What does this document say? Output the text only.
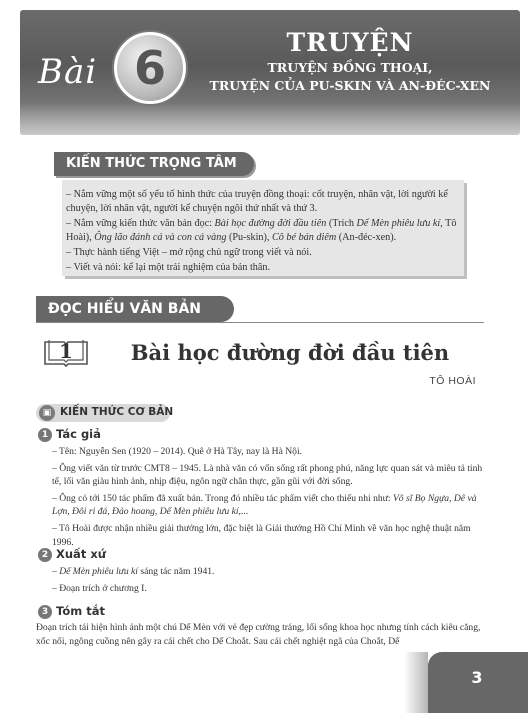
Bài 6	TRUYỆN
TRUYỆN ĐỒNG THOẠI,
TRUYỆN CỦA PU-SKIN VÀ AN-ĐÉC-XEN
KIẾN THỨC TRỌNG TÂM
– Nắm vững một số yếu tố hình thức của truyện đồng thoại: cốt truyện, nhân vật, lời người kể chuyện, lời nhân vật, người kể chuyện ngôi thứ nhất và thứ 3.
– Nắm vững kiến thức văn bản đọc: Bài học đường đời đầu tiên (Trích Dế Mèn phiêu lưu kí, Tô Hoài), Ông lão đánh cá và con cá vàng (Pu-skin), Cô bé bán diêm (An-đéc-xen).
– Thực hành tiếng Việt – mở rộng chủ ngữ trong viết và nói.
– Viết và nói: kể lại một trải nghiệm của bản thân.
ĐỌC HIỂU VĂN BẢN
1	Bài học đường đời đầu tiên
TÔ HOÀI
▣ KIẾN THỨC CƠ BẢN
1 Tác giả

– Tên: Nguyễn Sen (1920 – 2014). Quê ở Hà Tây, nay là Hà Nội.

– Ông viết văn từ trước CMT8 – 1945. Là nhà văn có vốn sống rất phong phú, năng lực quan sát và miêu tả tinh tế, lối văn giàu hình ảnh, nhịp điệu, ngôn ngữ chân thực, gần gũi với đời sống.

– Ông có tới 150 tác phẩm đã xuất bản. Trong đó nhiều tác phẩm viết cho thiếu nhi như: Võ sĩ Bọ Ngựa, Dê và Lợn, Đôi ri đá, Đảo hoang, Dế Mèn phiêu lưu kí,...

– Tô Hoài được nhận nhiều giải thưởng lớn, đặc biệt là Giải thưởng Hồ Chí Minh về văn học nghệ thuật năm 1996.

2 Xuất xứ

– Dế Mèn phiêu lưu kí sáng tác năm 1941.

– Đoạn trích ở chương I.

3 Tóm tắt

Đoạn trích tái hiện hình ảnh một chú Dế Mèn với vẻ đẹp cường tráng, lối sống khoa học nhưng tính cách kiêu căng, xốc nổi, ngông cuồng nên gây ra cái chết cho Dế Choắt. Sau cái chết nghiệt ngã của Choắt, Dế

3
